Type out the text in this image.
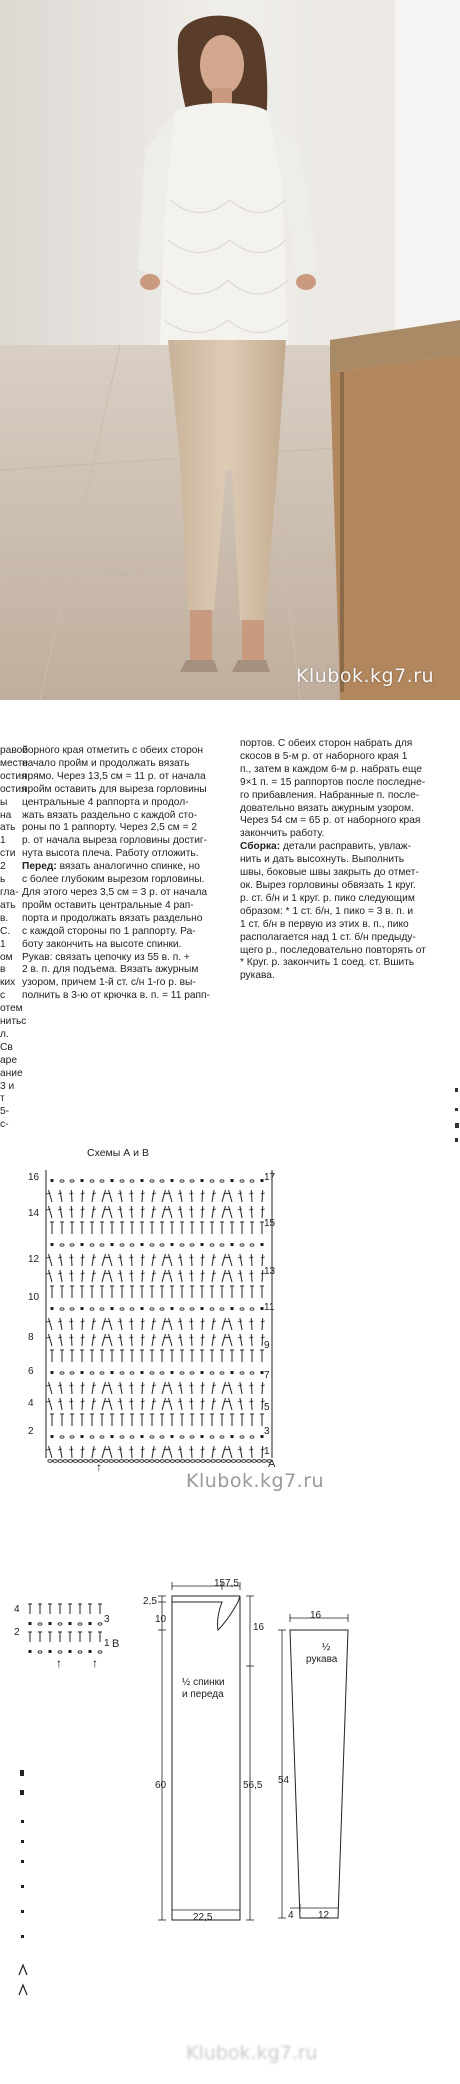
Klubok.kg7.ru

равой

месте

остия

остия

ы на

ать 1

сти 2

ь гла-

ать в.

С. 1

ом в

ких с

отем

нитьс

л. Св

аре

ание

3 и

т

5-

с-

борного края отметить с обеих сторон

начало пройм и продолжать вязать

прямо. Через 13,5 см = 11 р. от начала

пройм оставить для выреза горловины

центральные 4 раппорта и продол-

жать вязать раздельно с каждой сто-

роны по 1 раппорту. Через 2,5 см = 2

р. от начала выреза горловины достиг-

нута высота плеча. Работу отложить.

Перед: вязать аналогично спинке, но

с более глубоким вырезом горловины.

Для этого через 3,5 см = 3 р. от начала

пройм оставить центральные 4 рап-

порта и продолжать вязать раздельно

с каждой стороны по 1 раппорту. Ра-

боту закончить на высоте спинки.

Рукав: связать цепочку из 55 в. п. +

2 в. п. для подъема. Вязать ажурным

узором, причем 1-й ст. с/н 1-го р. вы-

полнить в 3-ю от крючка в. п. = 11 рапп-

портов. С обеих сторон набрать для

скосов в 5-м р. от наборного края 1

п., затем в каждом 6-м р. набрать еще

9×1 п. = 15 раппортов после последне-

го прибавления. Набранные п. после-

довательно вязать ажурным узором.

Через 54 см = 65 р. от наборного края

закончить работу.

Сборка: детали расправить, увлаж-

нить и дать высохнуть. Выполнить

швы, боковые швы закрыть до отмет-

ок. Вырез горловины обвязать 1 круг.

р. ст. б/н и 1 круг. р. пико следующим

образом: * 1 ст. б/н, 1 пико = 3 в. п. и

1 ст. б/н в первую из этих в. п., пико

располагается над 1 ст. б/н предыду-

щего р., последовательно повторять от

* Круг. р. закончить 1 соед. ст. Вшить

рукава.

Схемы А и В
16
14
12
10
8
6
4
2
17
15
13
11
9
7
5
3
1
A
↑
Klubok.kg7.ru
4
2
3
1 B
↑	↑
15 7,5
2,5
10
16
60	56,5
22,5
½ спинки
и переда
16
54
4 12
½
рукава
Klubok.kg7.ru
